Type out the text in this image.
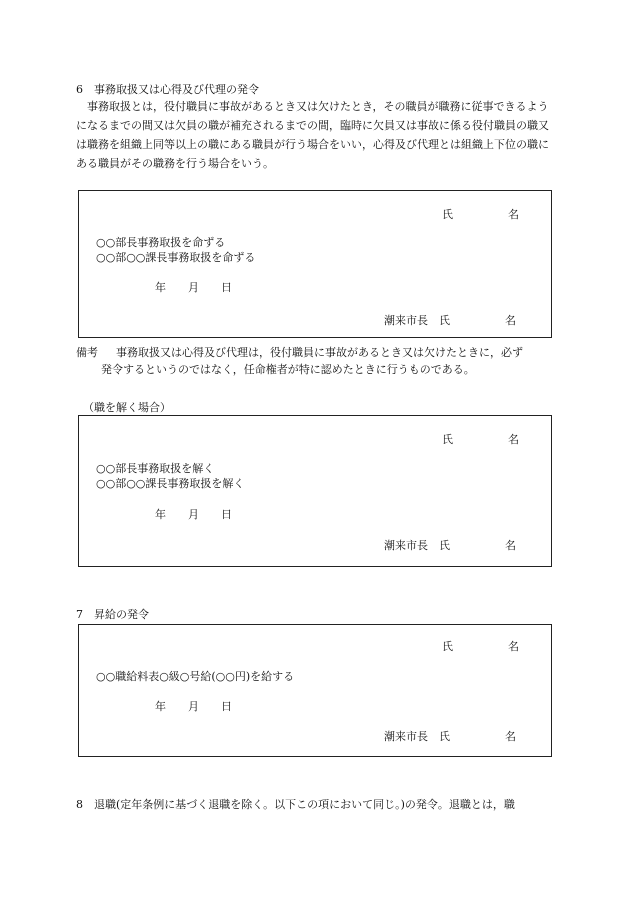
6　事務取扱又は心得及び代理の発令
　事務取扱とは，役付職員に事故があるとき又は欠けたとき，その職員が職務に従事できるようになるまでの間又は欠員の職が補充されるまでの間，臨時に欠員又は事故に係る役付職員の職又は職務を組織上同等以上の職にある職員が行う場合をいい，心得及び代理とは組織上下位の職にある職員がその職務を行う場合をいう。
氏　　　　　名
○○部長事務取扱を命ずる
○○部○○課長事務取扱を命ずる
年　　月　　日
潮来市長　氏　　　　　名
備考 事務取扱又は心得及び代理は，役付職員に事故があるとき又は欠けたときに，必ず
発令するというのではなく，任命権者が特に認めたときに行うものである。
（職を解く場合）
氏　　　　　名
○○部長事務取扱を解く
○○部○○課長事務取扱を解く
年　　月　　日
潮来市長　氏　　　　　名
7　昇給の発令
氏　　　　　名
○○職給料表○級○号給(○○円)を給する
年　　月　　日
潮来市長　氏　　　　　名
8　退職(定年条例に基づく退職を除く。以下この項において同じ。)の発令。退職とは，職
